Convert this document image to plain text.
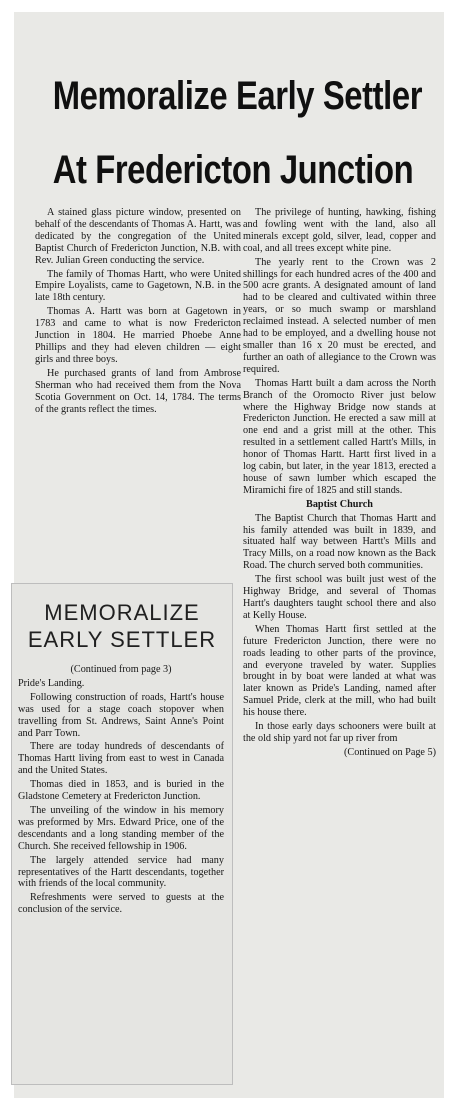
Memoralize Early Settler
At Fredericton Junction

A stained glass picture window, presented on behalf of the descendants of Thomas A. Hartt, was dedicated by the congregation of the United Baptist Church of Fredericton Junction, N.B. with Rev. Julian Green conducting the service.

The family of Thomas Hartt, who were United Empire Loyalists, came to Gagetown, N.B. in the late 18th century.

Thomas A. Hartt was born at Gagetown in 1783 and came to what is now Fredericton Junction in 1804. He married Phoebe Anne Phillips and they had eleven children — eight girls and three boys.

He purchased grants of land from Ambrose Sherman who had received them from the Nova Scotia Government on Oct. 14, 1784. The terms of the grants reflect the times.

The privilege of hunting, hawking, fishing and fowling went with the land, also all minerals except gold, silver, lead, copper and coal, and all trees except white pine.

The yearly rent to the Crown was 2 shillings for each hundred acres of the 400 and 500 acre grants. A designated amount of land had to be cleared and cultivated within three years, or so much swamp or marshland reclaimed instead. A selected number of men had to be employed, and a dwelling house not smaller than 16 x 20 must be erected, and further an oath of allegiance to the Crown was required.

Thomas Hartt built a dam across the North Branch of the Oromocto River just below where the Highway Bridge now stands at Fredericton Junction. He erected a saw mill at one end and a grist mill at the other. This resulted in a settlement called Hartt's Mills, in honor of Thomas Hartt. Hartt first lived in a log cabin, but later, in the year 1813, erected a house of sawn lumber which escaped the Miramichi fire of 1825 and still stands.

Baptist Church

The Baptist Church that Thomas Hartt and his family attended was built in 1839, and situated half way between Hartt's Mills and Tracy Mills, on a road now known as the Back Road. The church served both communities.

The first school was built just west of the Highway Bridge, and several of Thomas Hartt's daughters taught school there and also at Kelly House.

When Thomas Hartt first settled at the future Fredericton Junction, there were no roads leading to other parts of the province, and everyone traveled by water. Supplies brought in by boat were landed at what was later known as Pride's Landing, named after Samuel Pride, clerk at the mill, who had built his house there.

In those early days schooners were built at the old ship yard not far up river from

(Continued on Page 5)

MEMORALIZE
EARLY SETTLER

(Continued from page 3)

Pride's Landing.

Following construction of roads, Hartt's house was used for a stage coach stopover when travelling from St. Andrews, Saint Anne's Point and Parr Town.

There are today hundreds of descendants of Thomas Hartt living from east to west in Canada and the United States.

Thomas died in 1853, and is buried in the Gladstone Cemetery at Fredericton Junction.

The unveiling of the window in his memory was preformed by Mrs. Edward Price, one of the descendants and a long standing member of the Church. She received fellowship in 1906.

The largely attended service had many representatives of the Hartt descendants, together with friends of the local community.

Refreshments were served to guests at the conclusion of the service.
